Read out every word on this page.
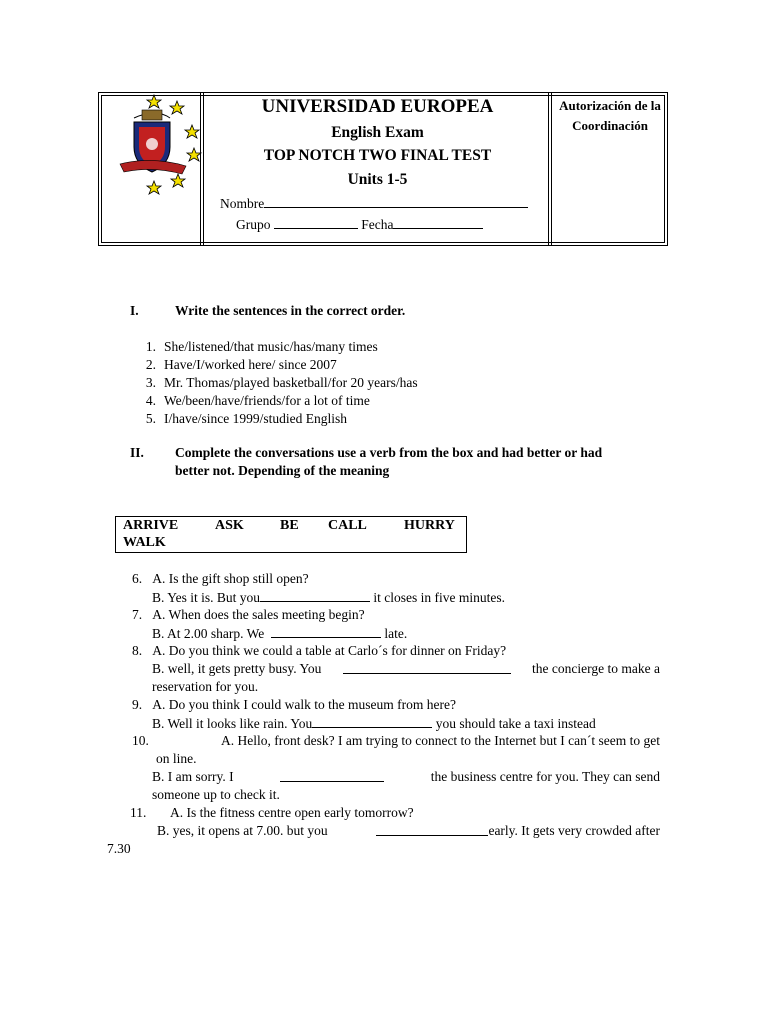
UNIVERSIDAD EUROPEA
English Exam
TOP NOTCH TWO FINAL TEST
Units 1-5
Nombre
Grupo	Fecha
Autorización de la Coordinación
I.	Write the sentences in the correct order.
1. She/listened/that music/has/many times
2. Have/I/worked here/ since 2007
3. Mr. Thomas/played basketball/for 20 years/has
4. We/been/have/friends/for a lot of time
5. I/have/since 1999/studied English
II. Complete the conversations use a verb from the box and had better or had
better not. Depending of the meaning
ARRIVE	ASK	BE CALL	HURRY
WALK
6. A. Is the gift shop still open?
B. Yes it is. But you	it closes in five minutes.
7. A. When does the sales meeting begin?
B. At 2.00 sharp. We	late.
8. A. Do you think we could a table at Carlo´s for dinner on Friday?
B. well, it gets pretty busy. You	the concierge to make a
reservation for you.
9. A. Do you think I could walk to the museum from here?
B. Well it looks like rain. You	you should take a taxi instead
10.	A. Hello, front desk? I am trying to connect to the Internet but I can´t seem to get
on line.
B. I am sorry. I	the business centre for you. They can send
someone up to check it.
11. A. Is the fitness centre open early tomorrow?
B. yes, it opens at 7.00. but you	early. It gets very crowded after
7.30
